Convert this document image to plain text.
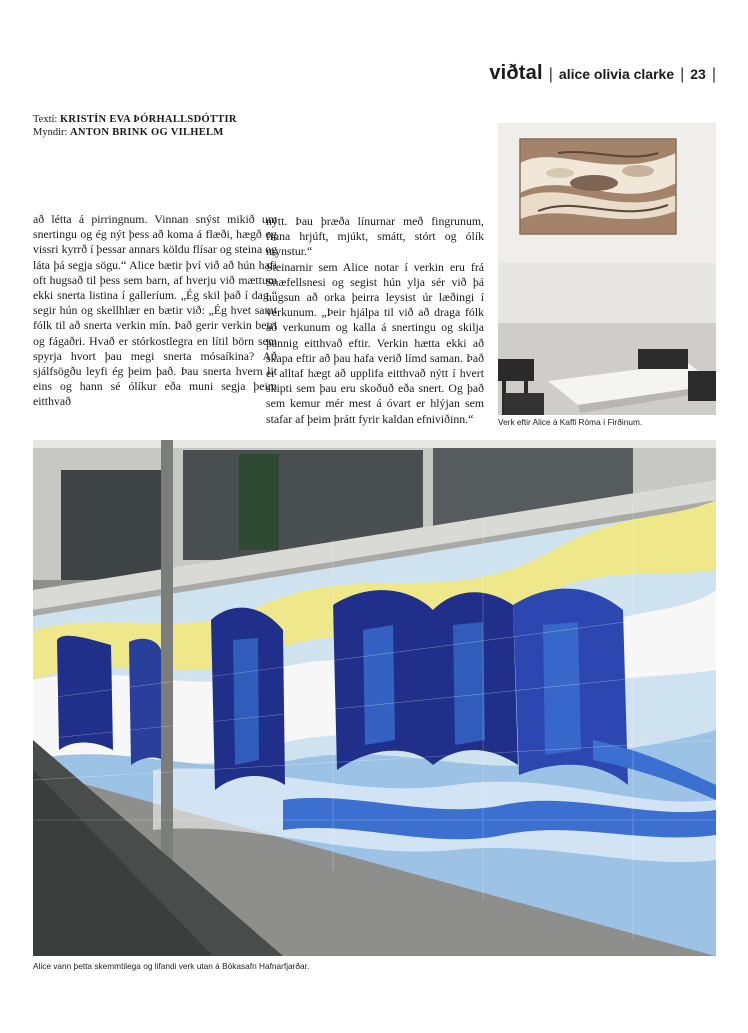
viðtal | alice olivia clarke | 23 |
Texti: KRISTÍN EVA ÞÓRHALLSDÓTTIR
Myndir: ANTON BRINK OG VILHELM

að létta á pirringnum. Vinnan snýst mikið um snertingu og ég nýt þess að koma á flæði, hægð og vissri kyrrð í þessar annars köldu flísar og steina og láta þá segja sögu.“ Alice bætir því við að hún hafi oft hugsað til þess sem barn, af hverju við mættum ekki snerta listina í galleríum. „Ég skil það í dag,“ segir hún og skellhlær en bætir við: „Ég hvet samt fólk til að snerta verkin mín. Það gerir verkin betri og fágaðri. Hvað er stórkostlegra en lítil börn sem spyrja hvort þau megi snerta mósaíkina? Að sjálfsögðu leyfi ég þeim það. Þau snerta hvern lit eins og hann sé ólíkur eða muni segja þeim eitthvað

nýtt. Þau þræða línurnar með fingrunum, finna hrjúft, mjúkt, smátt, stórt og ólík mynstur.“

Steinarnir sem Alice notar í verkin eru frá Snæfellsnesi og segist hún ylja sér við þá hugsun að orka þeirra leysist úr læðingi í verkunum. „Þeir hjálpa til við að draga fólk að verkunum og kalla á snertingu og skilja þannig eitthvað eftir. Verkin hætta ekki að skapa eftir að þau hafa verið límd saman. Það er alltaf hægt að upplifa eitthvað nýtt í hvert skipti sem þau eru skoðuð eða snert. Og það sem kemur mér mest á óvart er hlýjan sem stafar af þeim þrátt fyrir kaldan efniviðinn.“	Verk eftir Alice á Kaffi Róma í Firðinum.
Alice vann þetta skemmtilega og lifandi verk utan á Bókasafn Hafnarfjarðar.
